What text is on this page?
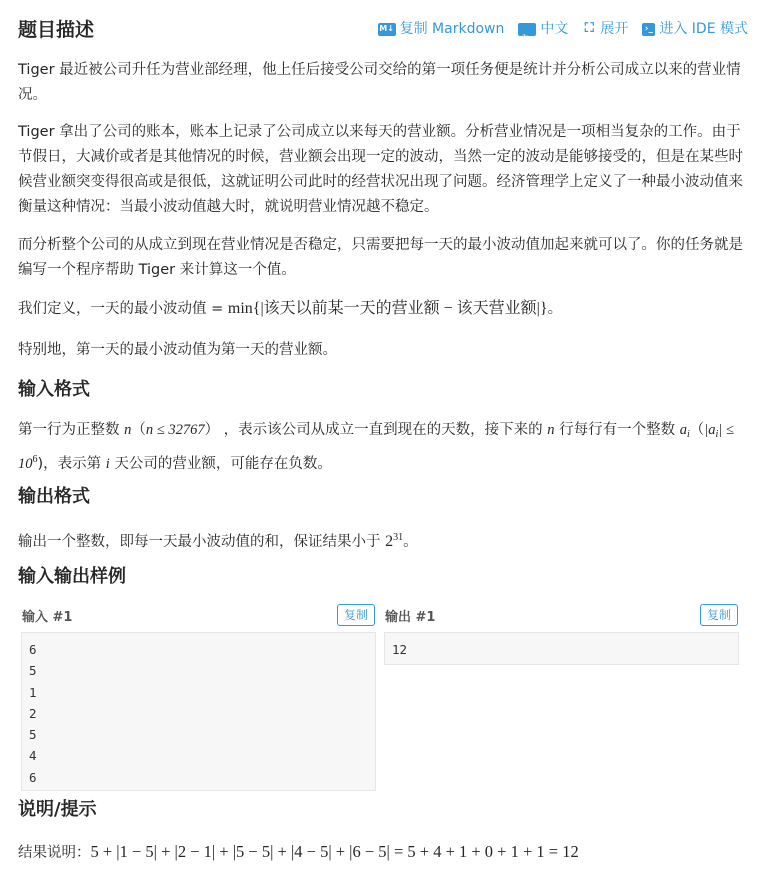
题目描述	M↓ 复制 Markdown
A文
中文 ⛶ 展开 ›_ 进入 IDE 模式
Tiger 最近被公司升任为营业部经理，他上任后接受公司交给的第一项任务便是统计并分析公司成立以来的营业情况。
Tiger 拿出了公司的账本，账本上记录了公司成立以来每天的营业额。分析营业情况是一项相当复杂的工作。由于节假日，大减价或者是其他情况的时候，营业额会出现一定的波动，当然一定的波动是能够接受的，但是在某些时候营业额突变得很高或是很低，这就证明公司此时的经营状况出现了问题。经济管理学上定义了一种最小波动值来衡量这种情况：当最小波动值越大时，就说明营业情况越不稳定。
而分析整个公司的从成立到现在营业情况是否稳定，只需要把每一天的最小波动值加起来就可以了。你的任务就是编写一个程序帮助 Tiger 来计算这一个值。
我们定义，一天的最小波动值 = min{|该天以前某一天的营业额 − 该天营业额|}。
特别地，第一天的最小波动值为第一天的营业额。
输入格式
第一行为正整数 n（n ≤ 32767） ，表示该公司从成立一直到现在的天数，接下来的 n 行每行有一个整数 $a_i(|a_i| \le 10^6)$，表示第 i 天公司的营业额，可能存在负数。
输出格式
输出一个整数，即每一天最小波动值的和，保证结果小于 $2^{31}$。
输入输出样例
输入 #1	复制
6
5
1
2
5
4
6
输出 #1	复制
12
说明/提示
结果说明：5 + |1 − 5| + |2 − 1| + |5 − 5| + |4 − 5| + |6 − 5| = 5 + 4 + 1 + 0 + 1 + 1 = 12
